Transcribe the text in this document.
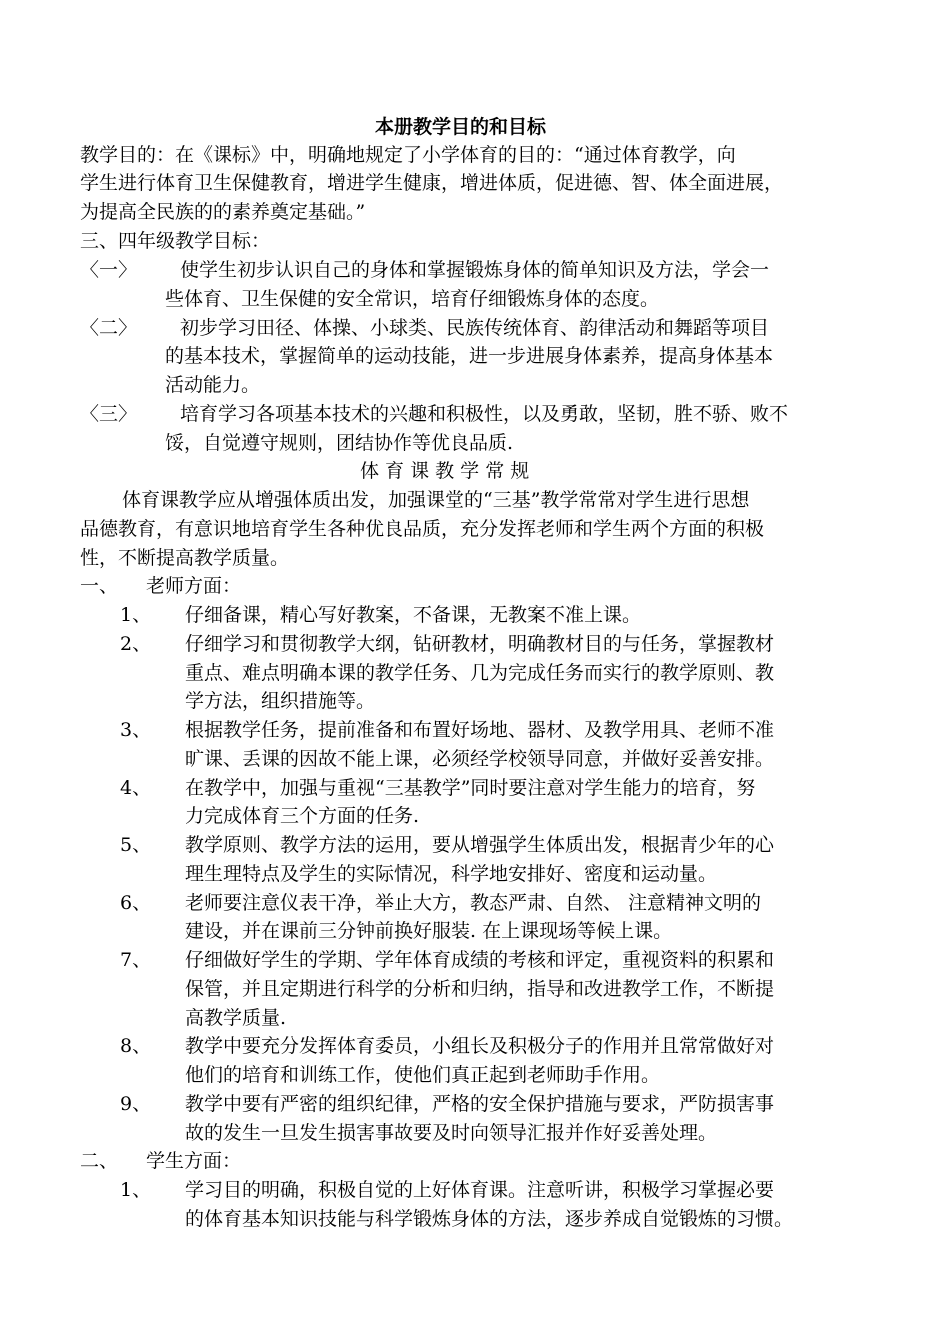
本册教学目的和目标
教学目的：在《课标》中，明确地规定了小学体育的目的：“通过体育教学，向
学生进行体育卫生保健教育，增进学生健康，增进体质，促进德、智、体全面进展，
为提高全民族的的素养奠定基础。”
三、四年级教学目标：
〈一〉 使学生初步认识自己的身体和掌握锻炼身体的简单知识及方法，学会一
些体育、卫生保健的安全常识，培育仔细锻炼身体的态度。
〈二〉 初步学习田径、体操、小球类、民族传统体育、韵律活动和舞蹈等项目
的基本技术，掌握简单的运动技能，进一步进展身体素养，提高身体基本
活动能力。
〈三〉 培育学习各项基本技术的兴趣和积极性，以及勇敢，坚韧，胜不骄、败不
馁，自觉遵守规则，团结协作等优良品质.
体 育 课 教 学 常 规
体育课教学应从增强体质出发，加强课堂的“三基”教学常常对学生进行思想
品德教育，有意识地培育学生各种优良品质，充分发挥老师和学生两个方面的积极
性，不断提高教学质量。
一、 老师方面：
1、 仔细备课，精心写好教案，不备课，无教案不准上课。
2、 仔细学习和贯彻教学大纲，钻研教材，明确教材目的与任务，掌握教材
重点、难点明确本课的教学任务、几为完成任务而实行的教学原则、教
学方法，组织措施等。
3、 根据教学任务，提前准备和布置好场地、器材、及教学用具、老师不准
旷课、丢课的因故不能上课，必须经学校领导同意，并做好妥善安排。
4、 在教学中，加强与重视“三基教学”同时要注意对学生能力的培育，努
力完成体育三个方面的任务.
5、 教学原则、教学方法的运用，要从增强学生体质出发，根据青少年的心
理生理特点及学生的实际情况，科学地安排好、密度和运动量。
6、 老师要注意仪表干净，举止大方，教态严肃、自然、 注意精神文明的
建设，并在课前三分钟前换好服装. 在上课现场等候上课。
7、 仔细做好学生的学期、学年体育成绩的考核和评定，重视资料的积累和
保管，并且定期进行科学的分析和归纳，指导和改进教学工作，不断提
高教学质量.
8、 教学中要充分发挥体育委员，小组长及积极分子的作用并且常常做好对
他们的培育和训练工作，使他们真正起到老师助手作用。
9、 教学中要有严密的组织纪律，严格的安全保护措施与要求，严防损害事
故的发生一旦发生损害事故要及时向领导汇报并作好妥善处理。
二、 学生方面：
1、 学习目的明确，积极自觉的上好体育课。注意听讲，积极学习掌握必要
的体育基本知识技能与科学锻炼身体的方法，逐步养成自觉锻炼的习惯。
